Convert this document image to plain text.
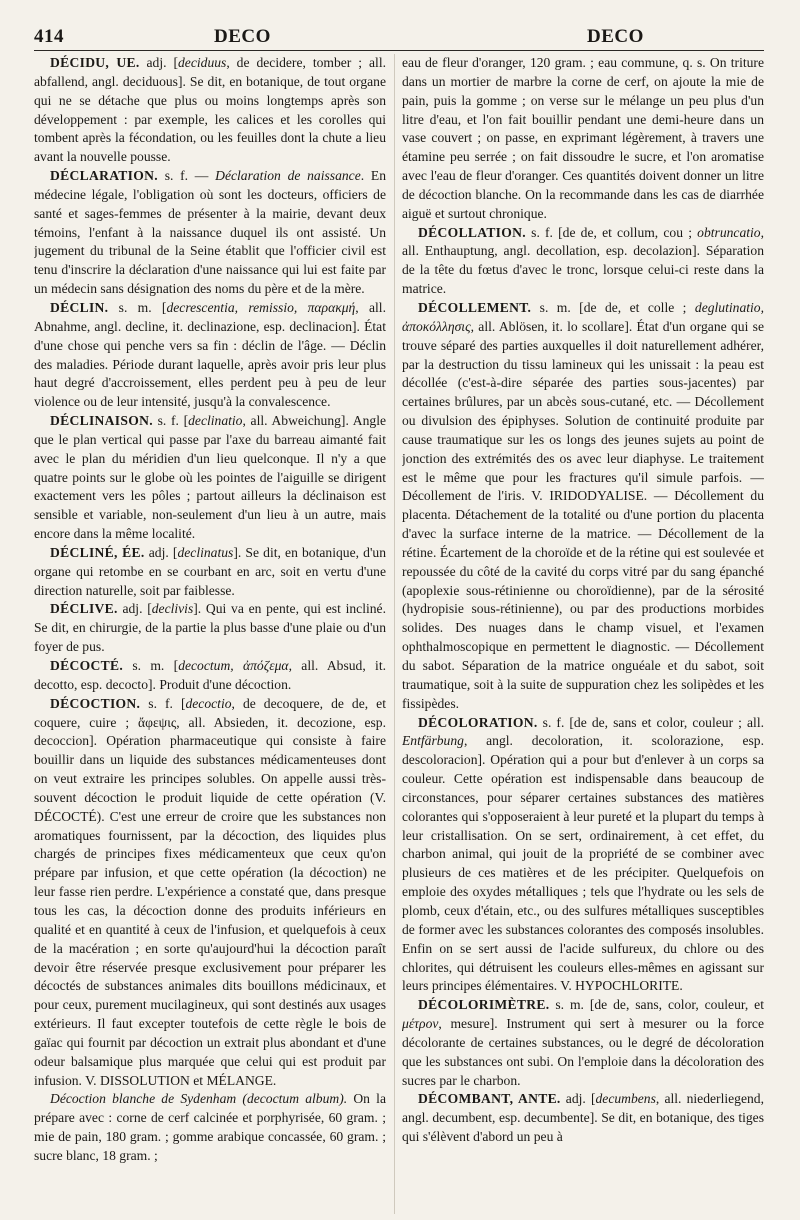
414	DECO	DECO

DÉCIDU, UE. adj. [deciduus, de decidere, tomber ; all. abfallend, angl. deciduous]. Se dit, en botanique, de tout organe qui ne se détache que plus ou moins longtemps après son développement : par exemple, les calices et les corolles qui tombent après la fécondation, ou les feuilles dont la chute a lieu avant la nouvelle pousse.

DÉCLARATION. s. f. — Déclaration de naissance. En médecine légale, l'obligation où sont les docteurs, officiers de santé et sages-femmes de présenter à la mairie, devant deux témoins, l'enfant à la naissance duquel ils ont assisté. Un jugement du tribunal de la Seine établit que l'officier civil est tenu d'inscrire la déclaration d'une naissance qui lui est faite par un médecin sans désignation des noms du père et de la mère.

DÉCLIN. s. m. [decrescentia, remissio, παρακμή, all. Abnahme, angl. decline, it. declinazione, esp. declinacion]. État d'une chose qui penche vers sa fin : déclin de l'âge. — Déclin des maladies. Période durant laquelle, après avoir pris leur plus haut degré d'accroissement, elles perdent peu à peu de leur violence ou de leur intensité, jusqu'à la convalescence.

DÉCLINAISON. s. f. [declinatio, all. Abweichung]. Angle que le plan vertical qui passe par l'axe du barreau aimanté fait avec le plan du méridien d'un lieu quelconque. Il n'y a que quatre points sur le globe où les pointes de l'aiguille se dirigent exactement vers les pôles ; partout ailleurs la déclinaison est sensible et variable, non-seulement d'un lieu à un autre, mais encore dans la même localité.

DÉCLINÉ, ÉE. adj. [declinatus]. Se dit, en botanique, d'un organe qui retombe en se courbant en arc, soit en vertu d'une direction naturelle, soit par faiblesse.

DÉCLIVE. adj. [declivis]. Qui va en pente, qui est incliné. Se dit, en chirurgie, de la partie la plus basse d'une plaie ou d'un foyer de pus.

DÉCOCTÉ. s. m. [decoctum, ἀπόζεμα, all. Absud, it. decotto, esp. decocto]. Produit d'une décoction.

DÉCOCTION. s. f. [decoctio, de decoquere, de de, et coquere, cuire ; ἄφεψις, all. Absieden, it. decozione, esp. decoccion]. Opération pharmaceutique qui consiste à faire bouillir dans un liquide des substances médicamenteuses dont on veut extraire les principes solubles. On appelle aussi très-souvent décoction le produit liquide de cette opération (V. DÉCOCTÉ). C'est une erreur de croire que les substances non aromatiques fournissent, par la décoction, des liquides plus chargés de principes fixes médicamenteux que ceux qu'on prépare par infusion, et que cette opération (la décoction) ne leur fasse rien perdre. L'expérience a constaté que, dans presque tous les cas, la décoction donne des produits inférieurs en qualité et en quantité à ceux de l'infusion, et quelquefois à ceux de la macération ; en sorte qu'aujourd'hui la décoction paraît devoir être réservée presque exclusivement pour préparer les décoctés de substances animales dits bouillons médicinaux, et pour ceux, purement mucilagineux, qui sont destinés aux usages extérieurs. Il faut excepter toutefois de cette règle le bois de gaïac qui fournit par décoction un extrait plus abondant et d'une odeur balsamique plus marquée que celui qui est produit par infusion. V. DISSOLUTION et MÉLANGE.

Décoction blanche de Sydenham (decoctum album). On la prépare avec : corne de cerf calcinée et porphyrisée, 60 gram. ; mie de pain, 180 gram. ; gomme arabique concassée, 60 gram. ; sucre blanc, 18 gram. ;

eau de fleur d'oranger, 120 gram. ; eau commune, q. s. On triture dans un mortier de marbre la corne de cerf, on ajoute la mie de pain, puis la gomme ; on verse sur le mélange un peu plus d'un litre d'eau, et l'on fait bouillir pendant une demi-heure dans un vase couvert ; on passe, en exprimant légèrement, à travers une étamine peu serrée ; on fait dissoudre le sucre, et l'on aromatise avec l'eau de fleur d'oranger. Ces quantités doivent donner un litre de décoction blanche. On la recommande dans les cas de diarrhée aiguë et surtout chronique.

DÉCOLLATION. s. f. [de de, et collum, cou ; obtruncatio, all. Enthauptung, angl. decollation, esp. decolazion]. Séparation de la tête du fœtus d'avec le tronc, lorsque celui-ci reste dans la matrice.

DÉCOLLEMENT. s. m. [de de, et colle ; deglutinatio, ἀποκόλλησις, all. Ablösen, it. lo scollare]. État d'un organe qui se trouve séparé des parties auxquelles il doit naturellement adhérer, par la destruction du tissu lamineux qui les unissait : la peau est décollée (c'est-à-dire séparée des parties sous-jacentes) par certaines brûlures, par un abcès sous-cutané, etc. — Décollement ou divulsion des épiphyses. Solution de continuité produite par cause traumatique sur les os longs des jeunes sujets au point de jonction des extrémités des os avec leur diaphyse. Le traitement est le même que pour les fractures qu'il simule parfois. — Décollement de l'iris. V. IRIDODYALISE. — Décollement du placenta. Détachement de la totalité ou d'une portion du placenta d'avec la surface interne de la matrice. — Décollement de la rétine. Écartement de la choroïde et de la rétine qui est soulevée et repoussée du côté de la cavité du corps vitré par du sang épanché (apoplexie sous-rétinienne ou choroïdienne), par de la sérosité (hydropisie sous-rétinienne), ou par des productions morbides solides. Des nuages dans le champ visuel, et l'examen ophthalmoscopique en permettent le diagnostic. — Décollement du sabot. Séparation de la matrice onguéale et du sabot, soit traumatique, soit à la suite de suppuration chez les solipèdes et les fissipèdes.

DÉCOLORATION. s. f. [de de, sans et color, couleur ; all. Entfärbung, angl. decoloration, it. scolorazione, esp. descoloracion]. Opération qui a pour but d'enlever à un corps sa couleur. Cette opération est indispensable dans beaucoup de circonstances, pour séparer certaines substances des matières colorantes qui s'opposeraient à leur pureté et la plupart du temps à leur cristallisation. On se sert, ordinairement, à cet effet, du charbon animal, qui jouit de la propriété de se combiner avec plusieurs de ces matières et de les précipiter. Quelquefois on emploie des oxydes métalliques ; tels que l'hydrate ou les sels de plomb, ceux d'étain, etc., ou des sulfures métalliques susceptibles de former avec les substances colorantes des composés insolubles. Enfin on se sert aussi de l'acide sulfureux, du chlore ou des chlorites, qui détruisent les couleurs elles-mêmes en agissant sur leurs principes élémentaires. V. HYPOCHLORITE.

DÉCOLORIMÈTRE. s. m. [de de, sans, color, couleur, et μέτρον, mesure]. Instrument qui sert à mesurer ou la force décolorante de certaines substances, ou le degré de décoloration que les substances ont subi. On l'emploie dans la décoloration des sucres par le charbon.

DÉCOMBANT, ANTE. adj. [decumbens, all. niederliegend, angl. decumbent, esp. decumbente]. Se dit, en botanique, des tiges qui s'élèvent d'abord un peu à
